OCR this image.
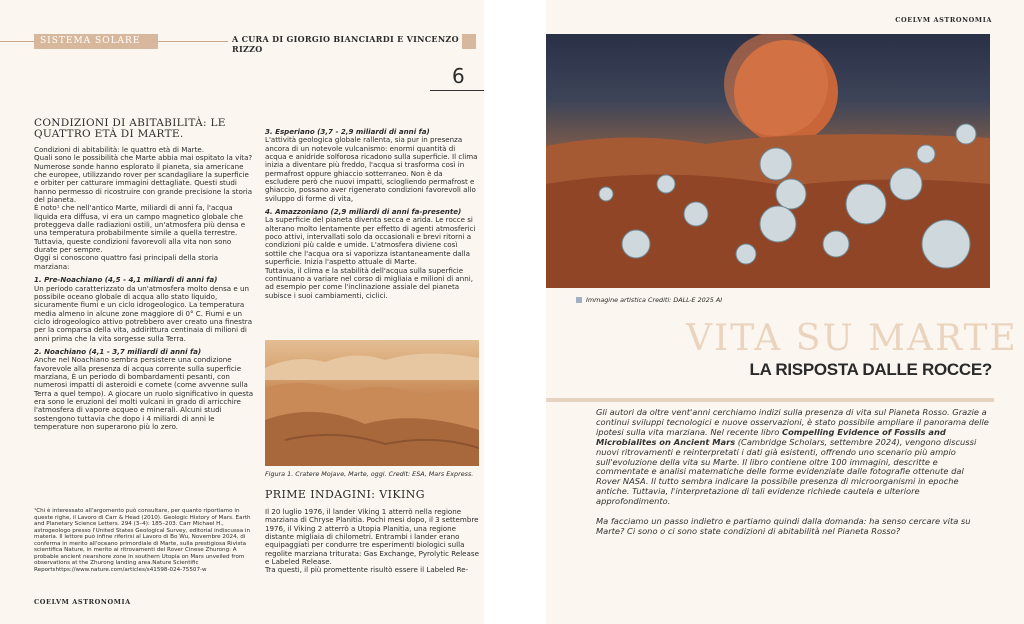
SISTEMA SOLARE	A CURA DI GIORGIO BIANCIARDI E VINCENZO RIZZO
6
CONDIZIONI DI ABITABILITÀ: LE QUATTRO ETÀ DI MARTE.

Condizioni di abitabilità: le quattro età di Marte.

Quali sono le possibilità che Marte abbia mai ospitato la vita? Numerose sonde hanno esplorato il pianeta, sia americane che europee, utilizzando rover per scandagliare la superficie e orbiter per catturare immagini dettagliate. Questi studi hanno permesso di ricostruire con grande precisione la storia del pianeta.

È noto¹ che nell'antico Marte, miliardi di anni fa, l'acqua liquida era diffusa, vi era un campo magnetico globale che proteggeva dalle radiazioni ostili, un'atmosfera più densa e una temperatura probabilmente simile a quella terrestre. Tuttavia, queste condizioni favorevoli alla vita non sono durate per sempre.

Oggi si conoscono quattro fasi principali della storia marziana:

1. Pre-Noachiano (4,5 - 4,1 miliardi di anni fa)

Un periodo caratterizzato da un'atmosfera molto densa e un possibile oceano globale di acqua allo stato liquido, sicuramente fiumi e un ciclo idrogeologico. La temperatura media almeno in alcune zone maggiore di 0° C. Fiumi e un ciclo idrogeologico attivo potrebbero aver creato una finestra per la comparsa della vita, addirittura centinaia di milioni di anni prima che la vita sorgesse sulla Terra.

2. Noachiano (4,1 - 3,7 miliardi di anni fa)

Anche nel Noachiano sembra persistere una condizione favorevole alla presenza di acqua corrente sulla superficie marziana, È un periodo di bombardamenti pesanti, con numerosi impatti di asteroidi e comete (come avvenne sulla Terra a quel tempo). A giocare un ruolo significativo in questa era sono le eruzioni dei molti vulcani in grado di arricchire l'atmosfera di vapore acqueo e minerali. Alcuni studi sostengono tuttavia che dopo i 4 miliardi di anni le temperature non superarono più lo zero.

¹Chi è interessato all'argomento può consultare, per quanto riportiamo in queste righe, il Lavoro di Carr & Head (2010). Geologic History of Mars. Earth and Planetary Science Letters. 294 (3–4): 185–203. Carr Michael H., astrogeologo presso l'United States Geological Survey, editorial indiscussa in materia. Il lettore può infine riferirsi al Lavoro di Bo Wu, Novembre 2024, di conferma in merito all'oceano primordiale di Marte, sulla prestigiosa Rivista scientifica Nature, in merito ai ritrovamenti del Rover Cinese Zhurong: A probable ancient nearshore zone in southern Utopia on Mars unveiled from observations at the Zhurong landing area.Nature Scientific Reportshttps://www.nature.com/articles/s41598-024-75507-w
COELVM ASTRONOMIA

3. Esperiano (3,7 - 2,9 miliardi di anni fa)

L'attività geologica globale rallenta, sia pur in presenza ancora di un notevole vulcanismo: enormi quantità di acqua e anidride solforosa ricadono sulla superficie. Il clima inizia a diventare più freddo, l'acqua si trasforma così in permafrost oppure ghiaccio sotterraneo. Non è da escludere però che nuovi impatti, sciogliendo permafrost e ghiaccio, possano aver rigenerato condizioni favorevoli allo sviluppo di forme di vita,

4. Amazzoniano (2,9 miliardi di anni fa-presente)

La superficie del pianeta diventa secca e arida. Le rocce si alterano molto lentamente per effetto di agenti atmosferici poco attivi, intervallati solo da occasionali e brevi ritorni a condizioni più calde e umide. L'atmosfera diviene così sottile che l'acqua ora si vaporizza istantaneamente dalla superficie. Inizia l'aspetto attuale di Marte.

Tuttavia, il clima e la stabilità dell'acqua sulla superficie continuano a variare nel corso di migliaia e milioni di anni, ad esempio per come l'inclinazione assiale del pianeta subisce i suoi cambiamenti, ciclici.

Figura 1. Cratere Mojave, Marte, oggi. Credit: ESA, Mars Express.
PRIME INDAGINI: VIKING

Il 20 luglio 1976, il lander Viking 1 atterrò nella regione marziana di Chryse Planitia. Pochi mesi dopo, il 3 settembre 1976, il Viking 2 atterrò a Utopia Planitia, una regione distante migliaia di chilometri. Entrambi i lander erano equipaggiati per condurre tre esperimenti biologici sulla regolite marziana triturata: Gas Exchange, Pyrolytic Release e Labeled Release.

Tra questi, il più promettente risultò essere il Labeled Re-

COELVM ASTRONOMIA
Immagine artistica Crediti: DALL-E 2025 AI
VITA SU MARTE
LA RISPOSTA DALLE ROCCE?

Gli autori da oltre vent'anni cerchiamo indizi sulla presenza di vita sul Pianeta Rosso. Grazie a continui sviluppi tecnologici e nuove osservazioni, è stato possibile ampliare il panorama delle ipotesi sulla vita marziana. Nel recente libro Compelling Evidence of Fossils and Microbialites on Ancient Mars (Cambridge Scholars, settembre 2024), vengono discussi nuovi ritrovamenti e reinterpretati i dati già esistenti, offrendo uno scenario più ampio sull'evoluzione della vita su Marte. Il libro contiene oltre 100 immagini, descritte e commentate e analisi matematiche delle forme evidenziate dalle fotografie ottenute dal Rover NASA. Il tutto sembra indicare la possibile presenza di microorganismi in epoche antiche. Tuttavia, l'interpretazione di tali evidenze richiede cautela e ulteriore approfondimento.

Ma facciamo un passo indietro e partiamo quindi dalla domanda: ha senso cercare vita su Marte? Ci sono o ci sono state condizioni di abitabilità nel Pianeta Rosso?
